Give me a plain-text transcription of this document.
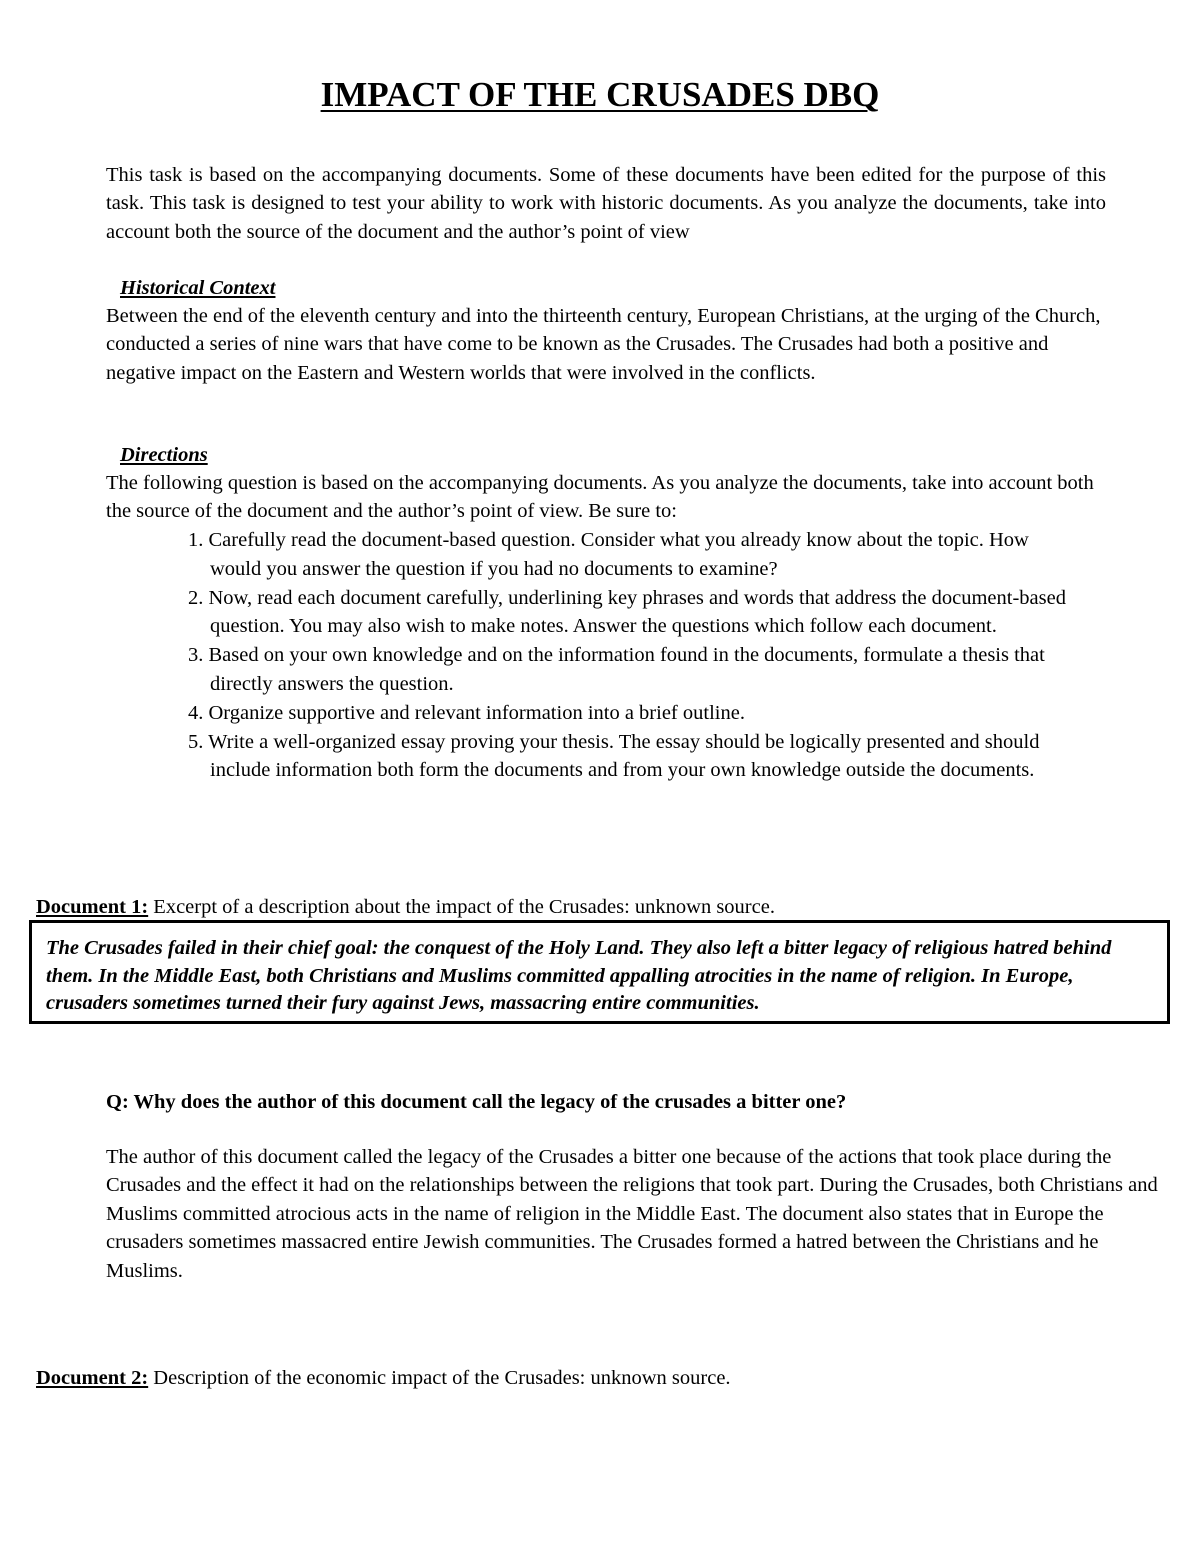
IMPACT OF THE CRUSADES DBQ

This task is based on the accompanying documents. Some of these documents have been edited for the purpose of this task. This task is designed to test your ability to work with historic documents. As you analyze the documents, take into account both the source of the document and the author’s point of view

Historical Context

Between the end of the eleventh century and into the thirteenth century, European Christians, at the urging of the Church, conducted a series of nine wars that have come to be known as the Crusades. The Crusades had both a positive and negative impact on the Eastern and Western worlds that were involved in the conflicts.

Directions

The following question is based on the accompanying documents. As you analyze the documents, take into account both the source of the document and the author’s point of view. Be sure to:

1. Carefully read the document-based question. Consider what you already know about the topic. How would you answer the question if you had no documents to examine?
2. Now, read each document carefully, underlining key phrases and words that address the document-based question. You may also wish to make notes. Answer the questions which follow each document.
3. Based on your own knowledge and on the information found in the documents, formulate a thesis that directly answers the question.
4. Organize supportive and relevant information into a brief outline.
5. Write a well-organized essay proving your thesis. The essay should be logically presented and should include information both form the documents and from your own knowledge outside the documents.

Document 1: Excerpt of a description about the impact of the Crusades: unknown source.

The Crusades failed in their chief goal: the conquest of the Holy Land. They also left a bitter legacy of religious hatred behind them. In the Middle East, both Christians and Muslims committed appalling atrocities in the name of religion. In Europe, crusaders sometimes turned their fury against Jews, massacring entire communities.

Q: Why does the author of this document call the legacy of the crusades a bitter one?

The author of this document called the legacy of the Crusades a bitter one because of the actions that took place during the Crusades and the effect it had on the relationships between the religions that took part. During the Crusades, both Christians and Muslims committed atrocious acts in the name of religion in the Middle East. The document also states that in Europe the crusaders sometimes massacred entire Jewish communities. The Crusades formed a hatred between the Christians and he Muslims.

Document 2: Description of the economic impact of the Crusades: unknown source.
